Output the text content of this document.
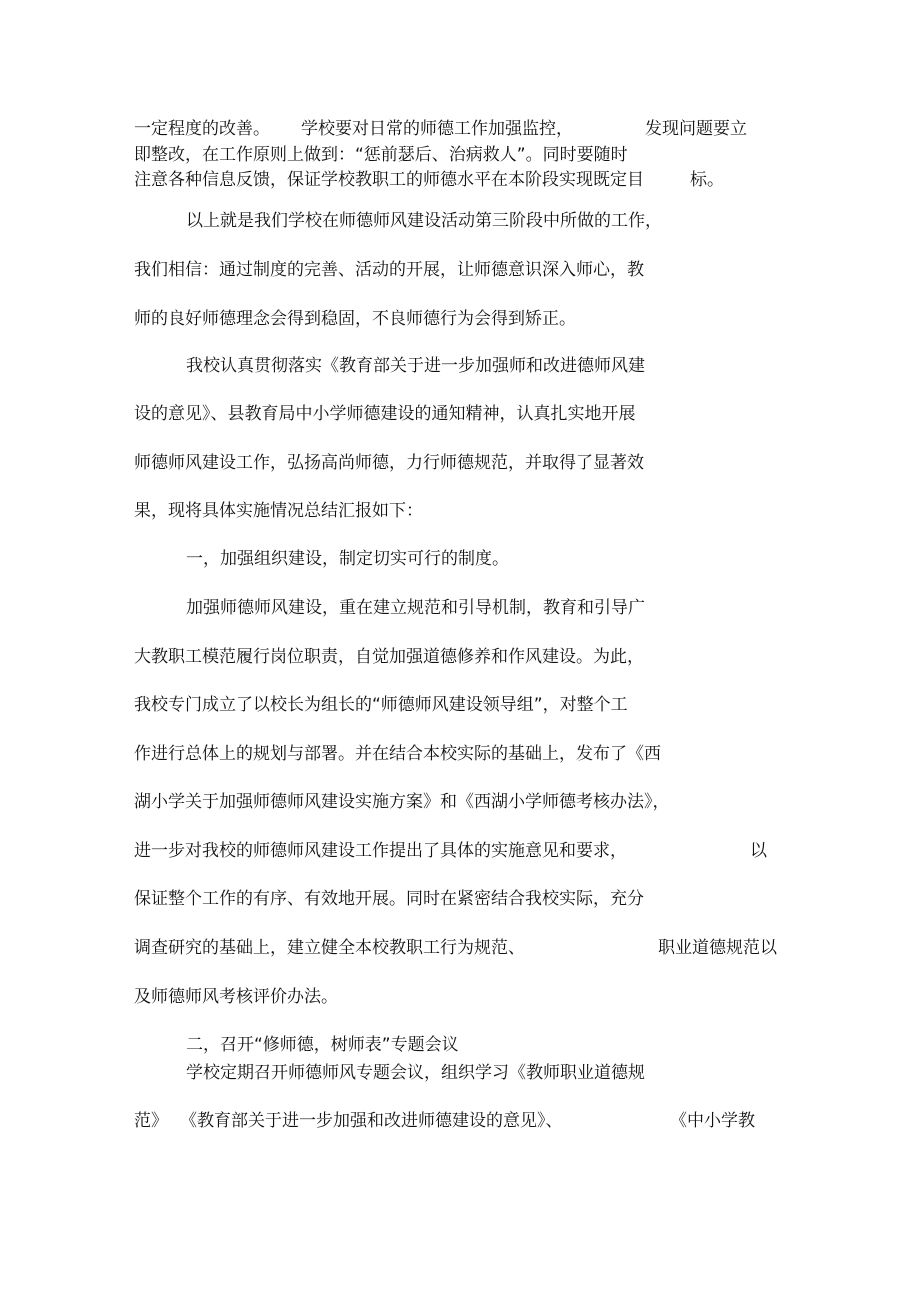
一定程度的改善。 学校要对日常的师德工作加强监控，	发现问题要立
即整改，在工作原则上做到：“惩前瑟后、治病救人”。同时要随时
注意各种信息反馈，保证学校教职工的师德水平在本阶段实现既定目	标。
以上就是我们学校在师德师风建设活动第三阶段中所做的工作，
我们相信：通过制度的完善、活动的开展，让师德意识深入师心，教
师的良好师德理念会得到稳固，不良师德行为会得到矫正。
我校认真贯彻落实《教育部关于进一步加强师和改进德师风建
设的意见》、县教育局中小学师德建设的通知精神，认真扎实地开展
师德师风建设工作，弘扬高尚师德，力行师德规范，并取得了显著效
果，现将具体实施情况总结汇报如下：
一，加强组织建设，制定切实可行的制度。
加强师德师风建设，重在建立规范和引导机制，教育和引导广
大教职工模范履行岗位职责，自觉加强道德修养和作风建设。为此，
我校专门成立了以校长为组长的“师德师风建设领导组”，对整个工
作进行总体上的规划与部署。并在结合本校实际的基础上，发布了《西
湖小学关于加强师德师风建设实施方案》和《西湖小学师德考核办法》，
进一步对我校的师德师风建设工作提出了具体的实施意见和要求，	以
保证整个工作的有序、有效地开展。同时在紧密结合我校实际，充分
调查研究的基础上，建立健全本校教职工行为规范、	职业道德规范以
及师德师风考核评价办法。
二，召开“修师德，树师表”专题会议
学校定期召开师德师风专题会议，组织学习《教师职业道德规
范》 《教育部关于进一步加强和改进师德建设的意见》、	《中小学教
